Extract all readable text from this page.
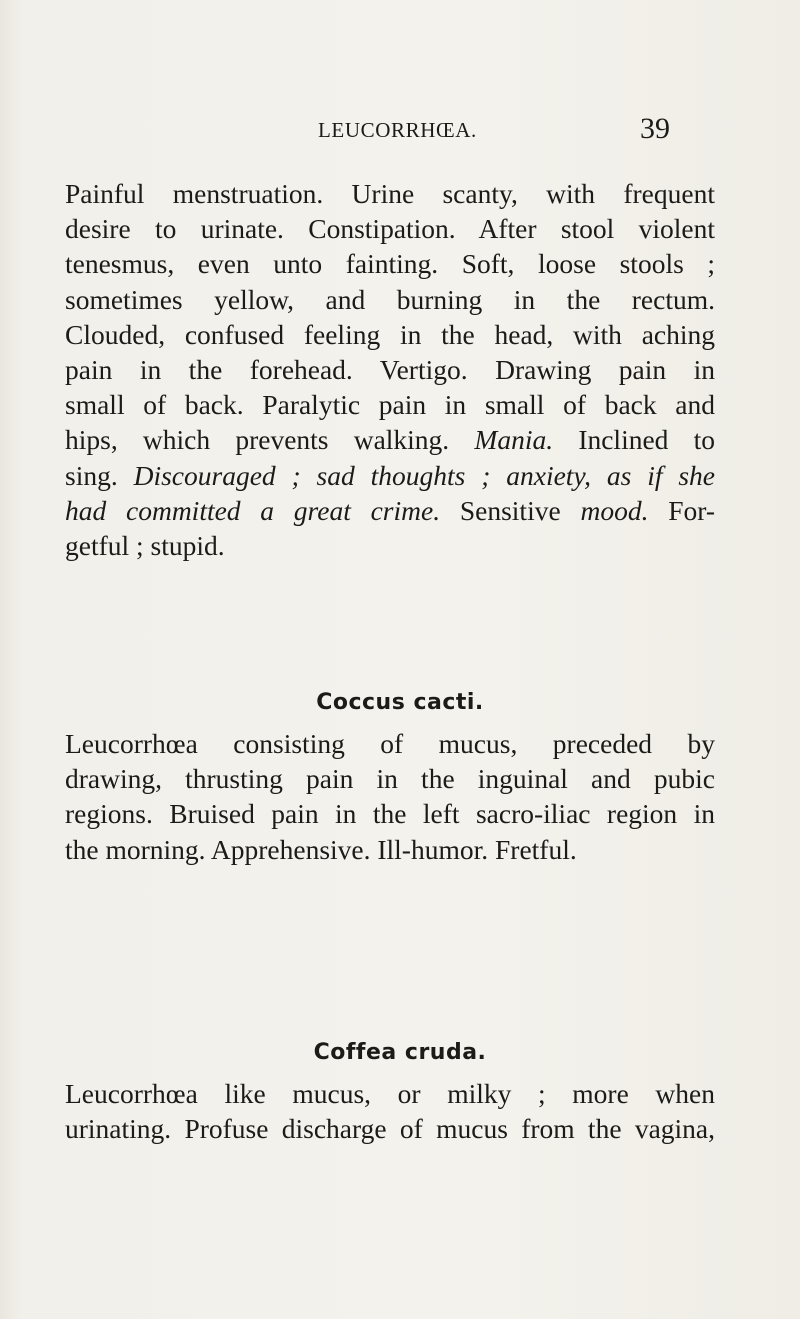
LEUCORRHŒA.	39
Painful menstruation. Urine scanty, with frequent
desire to urinate. Constipation. After stool violent
tenesmus, even unto fainting. Soft, loose stools ;
sometimes yellow, and burning in the rectum.
Clouded, confused feeling in the head, with aching
pain in the forehead. Vertigo. Drawing pain in
small of back. Paralytic pain in small of back and
hips, which prevents walking. Mania. Inclined to
sing. Discouraged ; sad thoughts ; anxiety, as if she
had committed a great crime. Sensitive mood. For-
getful ; stupid.
Coccus cacti.
Leucorrhœa consisting of mucus, preceded by
drawing, thrusting pain in the inguinal and pubic
regions. Bruised pain in the left sacro-iliac region in
the morning. Apprehensive. Ill-humor. Fretful.
Coffea cruda.
Leucorrhœa like mucus, or milky ; more when
urinating. Profuse discharge of mucus from the vagina,
